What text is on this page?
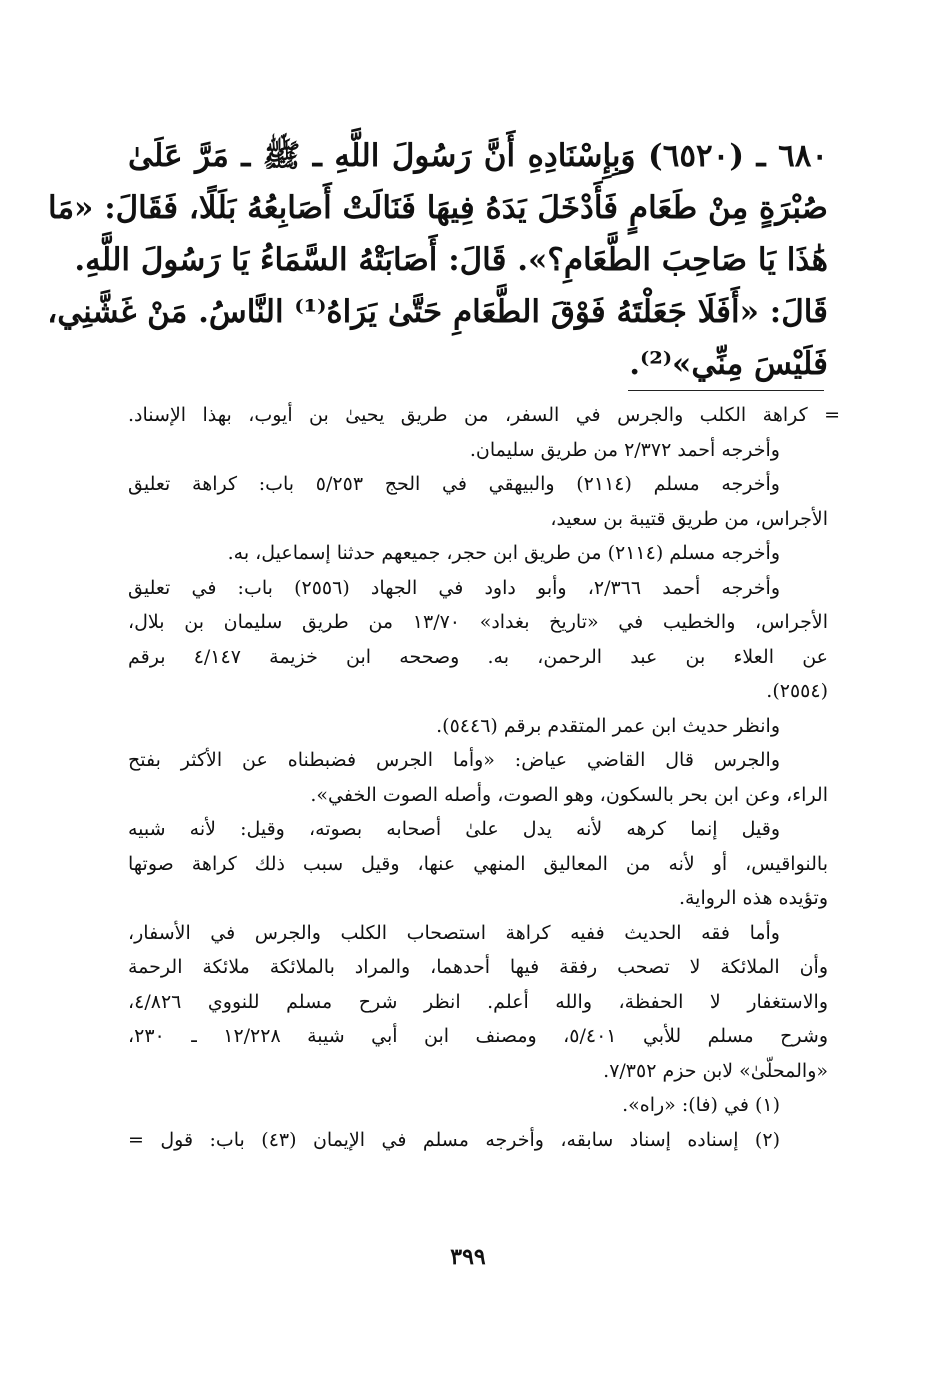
٦٨٠ ـ (٦٥٢٠) وَبِإِسْنَادِهِ أَنَّ رَسُولَ اللَّهِ ـ ﷺ ـ مَرَّ عَلَىٰ
صُبْرَةٍ مِنْ طَعَامٍ فَأَدْخَلَ يَدَهُ فِيهَا فَنَالَتْ أَصَابِعُهُ بَلَلًا، فَقَالَ: «مَا
هَٰذَا يَا صَاحِبَ الطَّعَامِ؟». قَالَ: أَصَابَتْهُ السَّمَاءُ يَا رَسُولَ اللَّهِ.
قَالَ: «أَفَلَا جَعَلْتَهُ فَوْقَ الطَّعَامِ حَتَّىٰ يَرَاهُ⁽¹⁾ النَّاسُ. مَنْ غَشَّنِي،
فَلَيْسَ مِنِّي»⁽²⁾.
= كراهة الكلب والجرس في السفر، من طريق يحيىٰ بن أيوب، بهذا الإسناد.
وأخرجه أحمد ٢/٣٧٢ من طريق سليمان.
وأخرجه مسلم (٢١١٤) والبيهقي في الحج ٥/٢٥٣ باب: كراهة تعليق
الأجراس، من طريق قتيبة بن سعيد،
وأخرجه مسلم (٢١١٤) من طريق ابن حجر، جميعهم حدثنا إسماعيل، به.
وأخرجه أحمد ٢/٣٦٦، وأبو داود في الجهاد (٢٥٥٦) باب: في تعليق
الأجراس، والخطيب في «تاريخ بغداد» ١٣/٧٠ من طريق سليمان بن بلال،
عن العلاء بن عبد الرحمن، به. وصححه ابن خزيمة ٤/١٤٧ برقم
(٢٥٥٤).
وانظر حديث ابن عمر المتقدم برقم (٥٤٤٦).
والجرس قال القاضي عياض: «وأما الجرس فضبطناه عن الأكثر بفتح
الراء، وعن ابن بحر بالسكون، وهو الصوت، وأصله الصوت الخفي».
وقيل إنما كرهه لأنه يدل علىٰ أصحابه بصوته، وقيل: لأنه شبيه
بالنواقيس، أو لأنه من المعاليق المنهي عنها، وقيل سبب ذلك كراهة صوتها
وتؤيده هذه الرواية.
وأما فقه الحديث ففيه كراهة استصحاب الكلب والجرس في الأسفار،
وأن الملائكة لا تصحب رفقة فيها أحدهما، والمراد بالملائكة ملائكة الرحمة
والاستغفار لا الحفظة، والله أعلم. انظر شرح مسلم للنووي ٤/٨٢٦،
وشرح مسلم للأبي ٥/٤٠١، ومصنف ابن أبي شيبة ١٢/٢٢٨ ـ ٢٣٠،
«والمحلّىٰ» لابن حزم ٧/٣٥٢.
(١) في (فا): «راه».
(٢) إسناده إسناد سابقه، وأخرجه مسلم في الإيمان (٤٣) باب: قول =
٣٩٩
